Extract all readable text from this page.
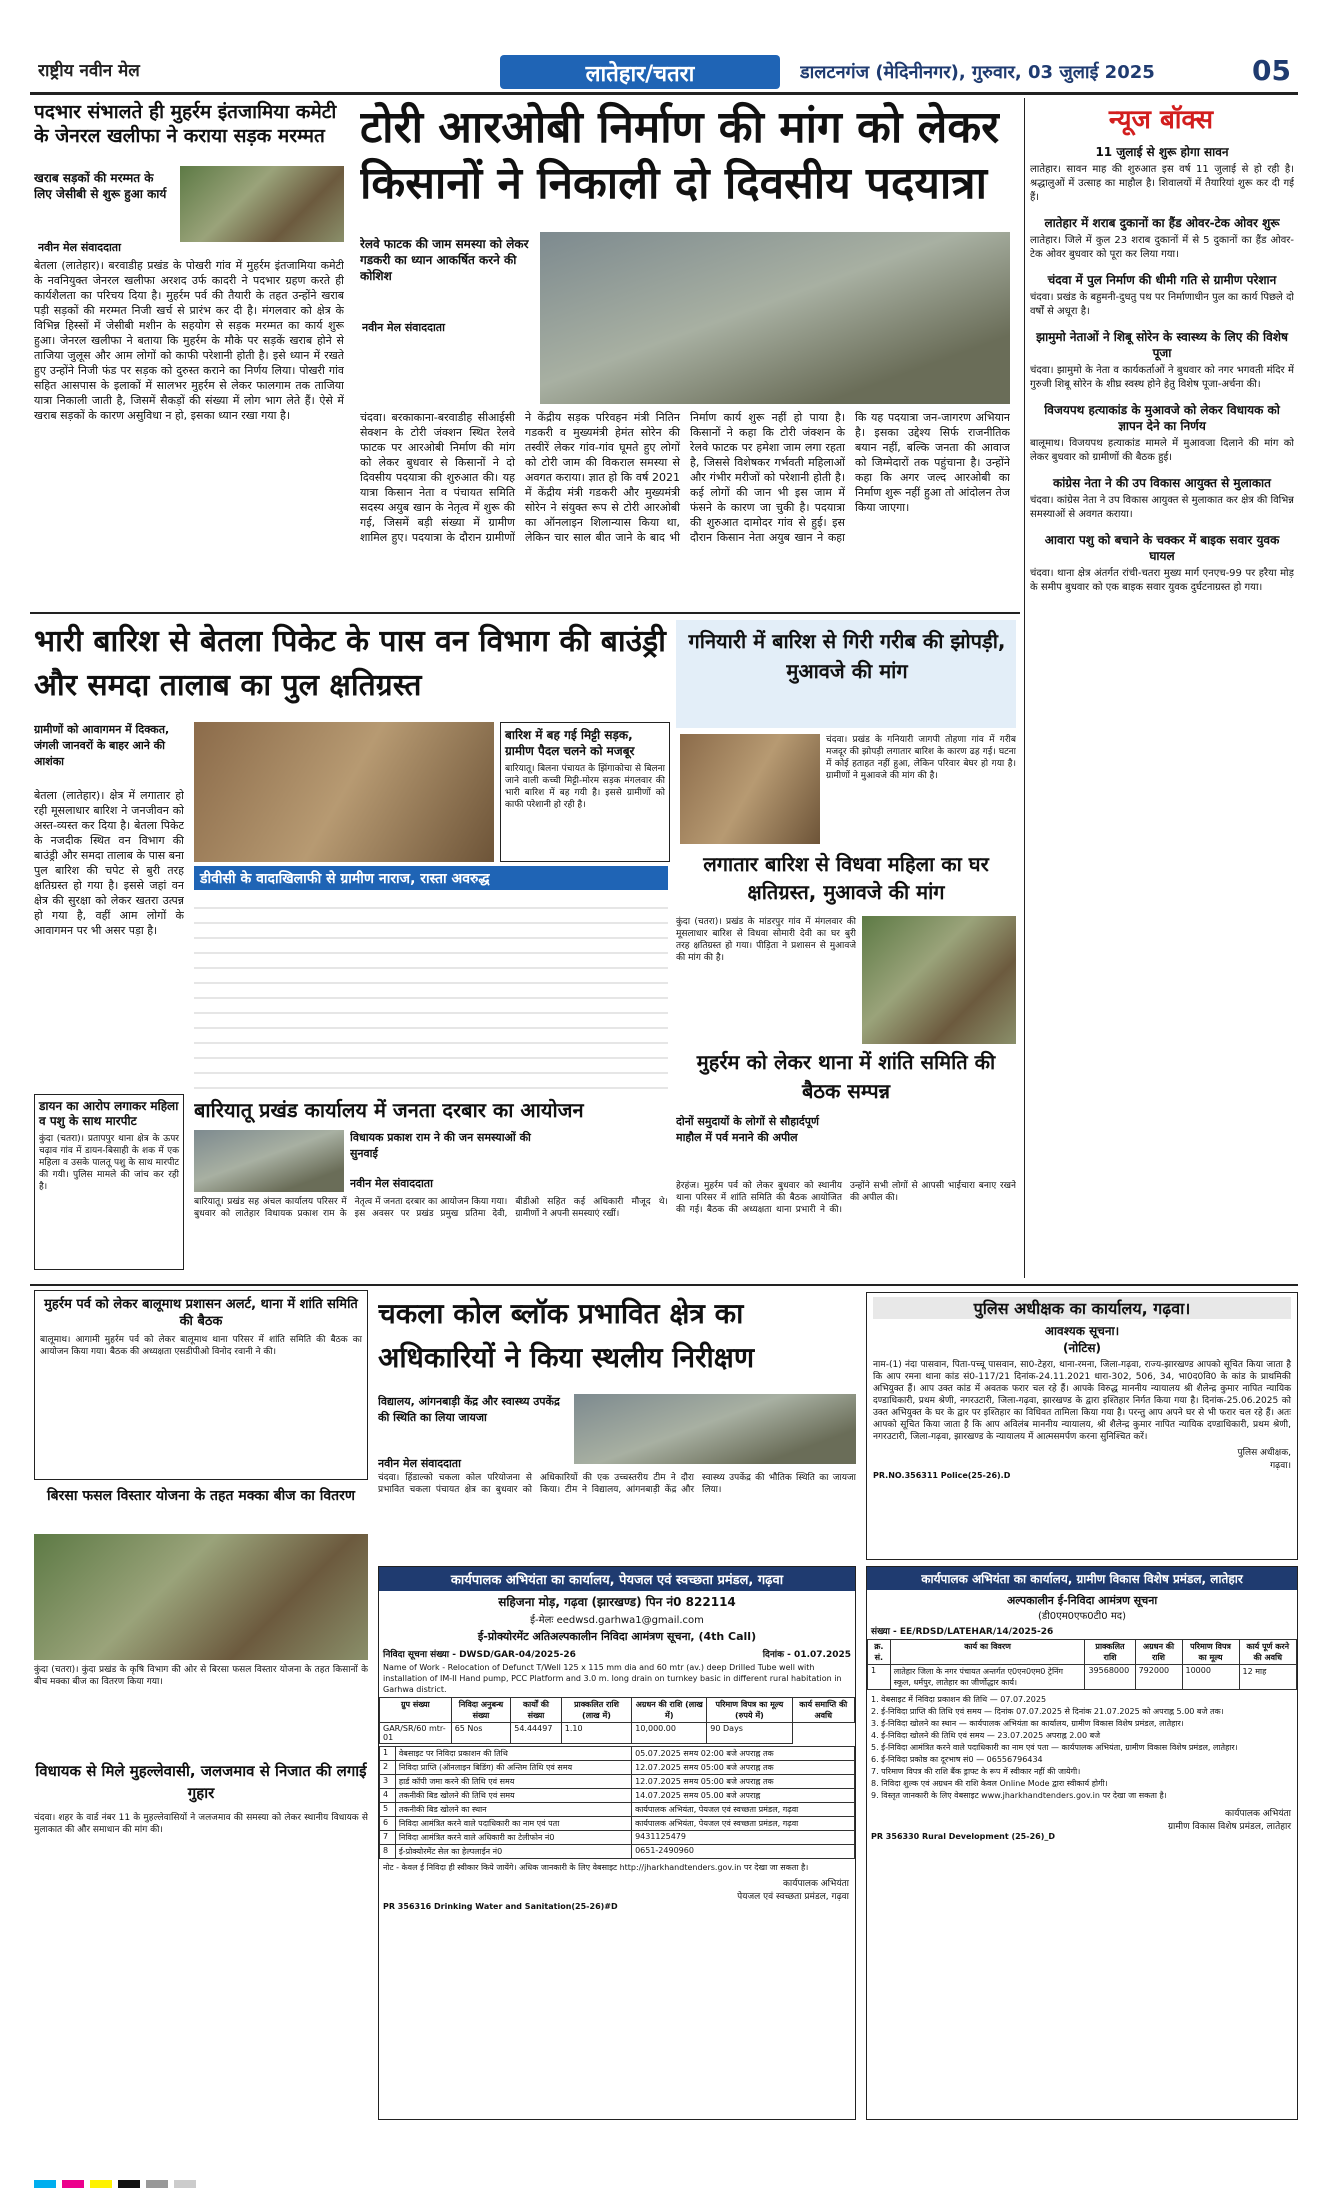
राष्ट्रीय नवीन मेल	लातेहार/चतरा	डालटनगंज (मेदिनीनगर), गुरुवार, 03 जुलाई 2025	05
पदभार संभालते ही मुहर्रम इंतजामिया कमेटी के जेनरल खलीफा ने कराया सड़क मरम्मत
खराब सड़कों की मरम्मत के लिए जेसीबी से शुरू हुआ कार्य
नवीन मेल संवाददाता
बेतला (लातेहार)। बरवाडीह प्रखंड के पोखरी गांव में मुहर्रम इंतजामिया कमेटी के नवनियुक्त जेनरल खलीफा अरशद उर्फ कादरी ने पदभार ग्रहण करते ही कार्यशैलता का परिचय दिया है। मुहर्रम पर्व की तैयारी के तहत उन्होंने खराब पड़ी सड़कों की मरम्मत निजी खर्च से प्रारंभ कर दी है। मंगलवार को क्षेत्र के विभिन्न हिस्सों में जेसीबी मशीन के सहयोग से सड़क मरम्मत का कार्य शुरू हुआ। जेनरल खलीफा ने बताया कि मुहर्रम के मौके पर सड़कें खराब होने से ताजिया जुलूस और आम लोगों को काफी परेशानी होती है। इसे ध्यान में रखते हुए उन्होंने निजी फंड पर सड़क को दुरुस्त कराने का निर्णय लिया। पोखरी गांव सहित आसपास के इलाकों में सालभर मुहर्रम से लेकर फालगाम तक ताजिया यात्रा निकाली जाती है, जिसमें सैकड़ों की संख्या में लोग भाग लेते हैं। ऐसे में खराब सड़कों के कारण असुविधा न हो, इसका ध्यान रखा गया है।
टोरी आरओबी निर्माण की मांग को लेकर किसानों ने निकाली दो दिवसीय पदयात्रा
रेलवे फाटक की जाम समस्या को लेकर गडकरी का ध्यान आकर्षित करने की कोशिश
नवीन मेल संवाददाता
चंदवा। बरकाकाना-बरवाडीह सीआईसी सेक्शन के टोरी जंक्शन स्थित रेलवे फाटक पर आरओबी निर्माण की मांग को लेकर बुधवार से किसानों ने दो दिवसीय पदयात्रा की शुरुआत की। यह यात्रा किसान नेता व पंचायत समिति सदस्य अयुब खान के नेतृत्व में शुरू की गई, जिसमें बड़ी संख्या में ग्रामीण शामिल हुए। पदयात्रा के दौरान ग्रामीणों ने केंद्रीय सड़क परिवहन मंत्री नितिन गडकरी व मुख्यमंत्री हेमंत सोरेन की तस्वीरें लेकर गांव-गांव घूमते हुए लोगों को टोरी जाम की विकराल समस्या से अवगत कराया। ज्ञात हो कि वर्ष 2021 में केंद्रीय मंत्री गडकरी और मुख्यमंत्री सोरेन ने संयुक्त रूप से टोरी आरओबी का ऑनलाइन शिलान्यास किया था, लेकिन चार साल बीत जाने के बाद भी निर्माण कार्य शुरू नहीं हो पाया है। किसानों ने कहा कि टोरी जंक्शन के रेलवे फाटक पर हमेशा जाम लगा रहता है, जिससे विशेषकर गर्भवती महिलाओं और गंभीर मरीजों को परेशानी होती है। कई लोगों की जान भी इस जाम में फंसने के कारण जा चुकी है। पदयात्रा की शुरुआत दामोदर गांव से हुई। इस दौरान किसान नेता अयुब खान ने कहा कि यह पदयात्रा जन-जागरण अभियान है। इसका उद्देश्य सिर्फ राजनीतिक बयान नहीं, बल्कि जनता की आवाज को जिम्मेदारों तक पहुंचाना है। उन्होंने कहा कि अगर जल्द आरओबी का निर्माण शुरू नहीं हुआ तो आंदोलन तेज किया जाएगा।
भारी बारिश से बेतला पिकेट के पास वन विभाग की बाउंड्री और समदा तालाब का पुल क्षतिग्रस्त
ग्रामीणों को आवागमन में दिक्कत, जंगली जानवरों के बाहर आने की आशंका
बेतला (लातेहार)। क्षेत्र में लगातार हो रही मूसलाधार बारिश ने जनजीवन को अस्त-व्यस्त कर दिया है। बेतला पिकेट के नजदीक स्थित वन विभाग की बाउंड्री और समदा तालाब के पास बना पुल बारिश की चपेट से बुरी तरह क्षतिग्रस्त हो गया है। इससे जहां वन क्षेत्र की सुरक्षा को लेकर खतरा उत्पन्न हो गया है, वहीं आम लोगों के आवागमन पर भी असर पड़ा है।
डीवीसी के वादाखिलाफी से ग्रामीण नाराज, रास्ता अवरुद्ध
बारिश में बह गई मिट्टी सड़क, ग्रामीण पैदल चलने को मजबूर
बारियातू। बिलना पंचायत के झिंगाकोचा से बिलना जाने वाली कच्ची मिट्टी-मोरम सड़क मंगलवार की भारी बारिश में बह गयी है। इससे ग्रामीणों को काफी परेशानी हो रही है।
डायन का आरोप लगाकर महिला व पशु के साथ मारपीट
कुंदा (चतरा)। प्रतापपुर थाना क्षेत्र के ऊपर चढ़ाव गांव में डायन-बिसाही के शक में एक महिला व उसके पालतू पशु के साथ मारपीट की गयी। पुलिस मामले की जांच कर रही है।
गनियारी में बारिश से गिरी गरीब की झोपड़ी, मुआवजे की मांग
चंदवा। प्रखंड के गनियारी जागपी तोहणा गांव में गरीब मजदूर की झोपड़ी लगातार बारिश के कारण ढह गई। घटना में कोई हताहत नहीं हुआ, लेकिन परिवार बेघर हो गया है। ग्रामीणों ने मुआवजे की मांग की है।
लगातार बारिश से विधवा महिला का घर क्षतिग्रस्त, मुआवजे की मांग
कुंदा (चतरा)। प्रखंड के मांडरपुर गांव में मंगलवार की मूसलाधार बारिश से विधवा सोमारी देवी का घर बुरी तरह क्षतिग्रस्त हो गया। पीड़िता ने प्रशासन से मुआवजे की मांग की है।
मुहर्रम को लेकर थाना में शांति समिति की बैठक सम्पन्न
दोनों समुदायों के लोगों से सौहार्दपूर्ण माहौल में पर्व मनाने की अपील
हेरहंज। मुहर्रम पर्व को लेकर बुधवार को स्थानीय थाना परिसर में शांति समिति की बैठक आयोजित की गई। बैठक की अध्यक्षता थाना प्रभारी ने की। उन्होंने सभी लोगों से आपसी भाईचारा बनाए रखने की अपील की।
बारियातू प्रखंड कार्यालय में जनता दरबार का आयोजन
विधायक प्रकाश राम ने की जन समस्याओं की सुनवाई
नवीन मेल संवाददाता
बारियातू। प्रखंड सह अंचल कार्यालय परिसर में बुधवार को लातेहार विधायक प्रकाश राम के नेतृत्व में जनता दरबार का आयोजन किया गया। इस अवसर पर प्रखंड प्रमुख प्रतिमा देवी, बीडीओ सहित कई अधिकारी मौजूद थे। ग्रामीणों ने अपनी समस्याएं रखीं।
न्यूज बॉक्स
11 जुलाई से शुरू होगा सावन
लातेहार। सावन माह की शुरुआत इस वर्ष 11 जुलाई से हो रही है। श्रद्धालुओं में उत्साह का माहौल है। शिवालयों में तैयारियां शुरू कर दी गई हैं।
लातेहार में शराब दुकानों का हैंड ओवर-टेक ओवर शुरू
लातेहार। जिले में कुल 23 शराब दुकानों में से 5 दुकानों का हैंड ओवर-टेक ओवर बुधवार को पूरा कर लिया गया।
चंदवा में पुल निर्माण की धीमी गति से ग्रामीण परेशान
चंदवा। प्रखंड के बहुमनी-दुधतु पथ पर निर्माणाधीन पुल का कार्य पिछले दो वर्षों से अधूरा है।
झामुमो नेताओं ने शिबू सोरेन के स्वास्थ्य के लिए की विशेष पूजा
चंदवा। झामुमो के नेता व कार्यकर्ताओं ने बुधवार को नगर भगवती मंदिर में गुरुजी शिबू सोरेन के शीघ्र स्वस्थ होने हेतु विशेष पूजा-अर्चना की।
विजयपथ हत्याकांड के मुआवजे को लेकर विधायक को ज्ञापन देने का निर्णय
बालूमाथ। विजयपथ हत्याकांड मामले में मुआवजा दिलाने की मांग को लेकर बुधवार को ग्रामीणों की बैठक हुई।
कांग्रेस नेता ने की उप विकास आयुक्त से मुलाकात
चंदवा। कांग्रेस नेता ने उप विकास आयुक्त से मुलाकात कर क्षेत्र की विभिन्न समस्याओं से अवगत कराया।
आवारा पशु को बचाने के चक्कर में बाइक सवार युवक घायल
चंदवा। थाना क्षेत्र अंतर्गत रांची-चतरा मुख्य मार्ग एनएच-99 पर हरैया मोड़ के समीप बुधवार को एक बाइक सवार युवक दुर्घटनाग्रस्त हो गया।
मुहर्रम पर्व को लेकर बालूमाथ प्रशासन अलर्ट, थाना में शांति समिति की बैठक
बालूमाथ। आगामी मुहर्रम पर्व को लेकर बालूमाथ थाना परिसर में शांति समिति की बैठक का आयोजन किया गया। बैठक की अध्यक्षता एसडीपीओ विनोद रवानी ने की।
बिरसा फसल विस्तार योजना के तहत मक्का बीज का वितरण
कुंदा (चतरा)। कुंदा प्रखंड के कृषि विभाग की ओर से बिरसा फसल विस्तार योजना के तहत किसानों के बीच मक्का बीज का वितरण किया गया।
विधायक से मिले मुहल्लेवासी, जलजमाव से निजात की लगाई गुहार
चंदवा। शहर के वार्ड नंबर 11 के मुहल्लेवासियों ने जलजमाव की समस्या को लेकर स्थानीय विधायक से मुलाकात की और समाधान की मांग की।
चकला कोल ब्लॉक प्रभावित क्षेत्र का अधिकारियों ने किया स्थलीय निरीक्षण
विद्यालय, आंगनबाड़ी केंद्र और स्वास्थ्य उपकेंद्र की स्थिति का लिया जायजा
नवीन मेल संवाददाता
चंदवा। हिंडाल्को चकला कोल परियोजना से प्रभावित चकला पंचायत क्षेत्र का बुधवार को अधिकारियों की एक उच्चस्तरीय टीम ने दौरा किया। टीम ने विद्यालय, आंगनबाड़ी केंद्र और स्वास्थ्य उपकेंद्र की भौतिक स्थिति का जायजा लिया।
पुलिस अधीक्षक का कार्यालय, गढ़वा।
आवश्यक सूचना।
(नोटिस)
नाम-(1) नंदा पासवान, पिता-पच्चू पासवान, सा0-टेहरा, थाना-रमना, जिला-गढ़वा, राज्य-झारखण्ड आपको सूचित किया जाता है कि आप रमना थाना कांड सं0-117/21 दिनांक-24.11.2021 धारा-302, 506, 34, भा0द0वि0 के कांड के प्राथमिकी अभियुक्त हैं। आप उक्त कांड में अवतक फरार चल रहे हैं। आपके विरुद्ध माननीय न्यायालय श्री शैलेन्द्र कुमार नापित न्यायिक दण्डाधिकारी, प्रथम श्रेणी, नगरउटारी, जिला-गढ़वा, झारखण्ड के द्वारा इश्तिहार निर्गत किया गया है। दिनांक-25.06.2025 को उक्त अभियुक्त के घर के द्वार पर इश्तिहार का विधिवत तामिला किया गया है। परन्तु आप अपने घर से भी फरार चल रहे हैं। अतः आपको सूचित किया जाता है कि आप अविलंब माननीय न्यायालय, श्री शैलेन्द्र कुमार नापित न्यायिक दण्डाधिकारी, प्रथम श्रेणी, नगरउटारी, जिला-गढ़वा, झारखण्ड के न्यायालय में आत्मसमर्पण करना सुनिश्चित करें।
पुलिस अधीक्षक,
गढ़वा।
PR.NO.356311 Police(25-26).D
कार्यपालक अभियंता का कार्यालय, पेयजल एवं स्वच्छता प्रमंडल, गढ़वा
सहिजना मोड़, गढ़वा (झारखण्ड) पिन नं0 822114
ई-मेलः eedwsd.garhwa1@gmail.com
ई-प्रोक्योरमेंट अतिअल्पकालीन निविदा आमंत्रण सूचना, (4th Call)
निविदा सूचना संख्या - DWSD/GAR-04/2025-26	दिनांक - 01.07.2025
Name of Work - Relocation of Defunct T/Well 125 x 115 mm dia and 60 mtr (av.) deep Drilled Tube well with installation of IM-II Hand pump, PCC Platform and 3.0 m. long drain on turnkey basic in different rural habitation in Garhwa district.
ग्रुप संख्या	निविदा अनुबन्ध संख्या	कार्यों की संख्या	प्राक्कलित राशि (लाख में)	अग्रधन की राशि (लाख में)	परिमाण विपत्र का मूल्य (रुपये में)	कार्य समाप्ति की अवधि
GAR/SR/60 mtr-01	65 Nos	54.44497	1.10	10,000.00	90 Days	
1	वेबसाइट पर निविदा प्रकाशन की तिथि	05.07.2025 समय 02:00 बजे अपराह्न तक
2	निविदा प्राप्ति (ऑनलाइन बिडिंग) की अन्तिम तिथि एवं समय	12.07.2025 समय 05:00 बजे अपराह्न तक
3	हार्ड कॉपी जमा करने की तिथि एवं समय	12.07.2025 समय 05:00 बजे अपराह्न तक
4	तकनीकी बिड खोलने की तिथि एवं समय	14.07.2025 समय 05.00 बजे अपराह्न
5	तकनीकी बिड खोलने का स्थान	कार्यपालक अभियंता, पेयजल एवं स्वच्छता प्रमंडल, गढ़वा
6	निविदा आमंत्रित करने वाले पदाधिकारी का नाम एवं पता	कार्यपालक अभियंता, पेयजल एवं स्वच्छता प्रमंडल, गढ़वा
7	निविदा आमंत्रित करने वाले अधिकारी का टेलीफोन नं0	9431125479
8	ई-प्रोक्योरमेंट सेल का हेल्पलाईन नं0	0651-2490960
नोट - केवल ई निविदा ही स्वीकार किये जायेंगे। अधिक जानकारी के लिए वेबसाइट http://jharkhandtenders.gov.in पर देखा जा सकता है।
कार्यपालक अभियंता
पेयजल एवं स्वच्छता प्रमंडल, गढ़वा
PR 356316 Drinking Water and Sanitation(25-26)#D
कार्यपालक अभियंता का कार्यालय, ग्रामीण विकास विशेष प्रमंडल, लातेहार
अल्पकालीन ई-निविदा आमंत्रण सूचना
(डी0एम0एफ0टी0 मद)
संख्या - EE/RDSD/LATEHAR/14/2025-26
क्र. सं.	कार्य का विवरण	प्राक्कलित राशि	अग्रधन की राशि	परिमाण विपत्र का मूल्य	कार्य पूर्ण करने की अवधि
1	लातेहार जिला के नगर पंचायत अन्तर्गत ए0एन0एम0 ट्रेनिंग स्कूल, धर्मपुर, लातेहार का जीर्णोद्धार कार्य।	39568000	792000	10000	12 माह
1. वेबसाइट में निविदा प्रकाशन की तिथि — 07.07.2025
2. ई-निविदा प्राप्ति की तिथि एवं समय — दिनांक 07.07.2025 से दिनांक 21.07.2025 को अपराह्न 5.00 बजे तक।
3. ई-निविदा खोलने का स्थान — कार्यपालक अभियंता का कार्यालय, ग्रामीण विकास विशेष प्रमंडल, लातेहार।
4. ई-निविदा खोलने की तिथि एवं समय — 23.07.2025 अपराह्न 2.00 बजे
5. ई-निविदा आमंत्रित करने वाले पदाधिकारी का नाम एवं पता — कार्यपालक अभियंता, ग्रामीण विकास विशेष प्रमंडल, लातेहार।
6. ई-निविदा प्रकोष्ठ का दूरभाष सं0 — 06556796434
7. परिमाण विपत्र की राशि बैंक ड्राफ्ट के रूप में स्वीकार नहीं की जायेगी।
8. निविदा शुल्क एवं अग्रधन की राशि केवल Online Mode द्वारा स्वीकार्य होगी।
9. विस्तृत जानकारी के लिए वेबसाइट www.jharkhandtenders.gov.in पर देखा जा सकता है।
कार्यपालक अभियंता
ग्रामीण विकास विशेष प्रमंडल, लातेहार
PR 356330 Rural Development (25-26)_D
